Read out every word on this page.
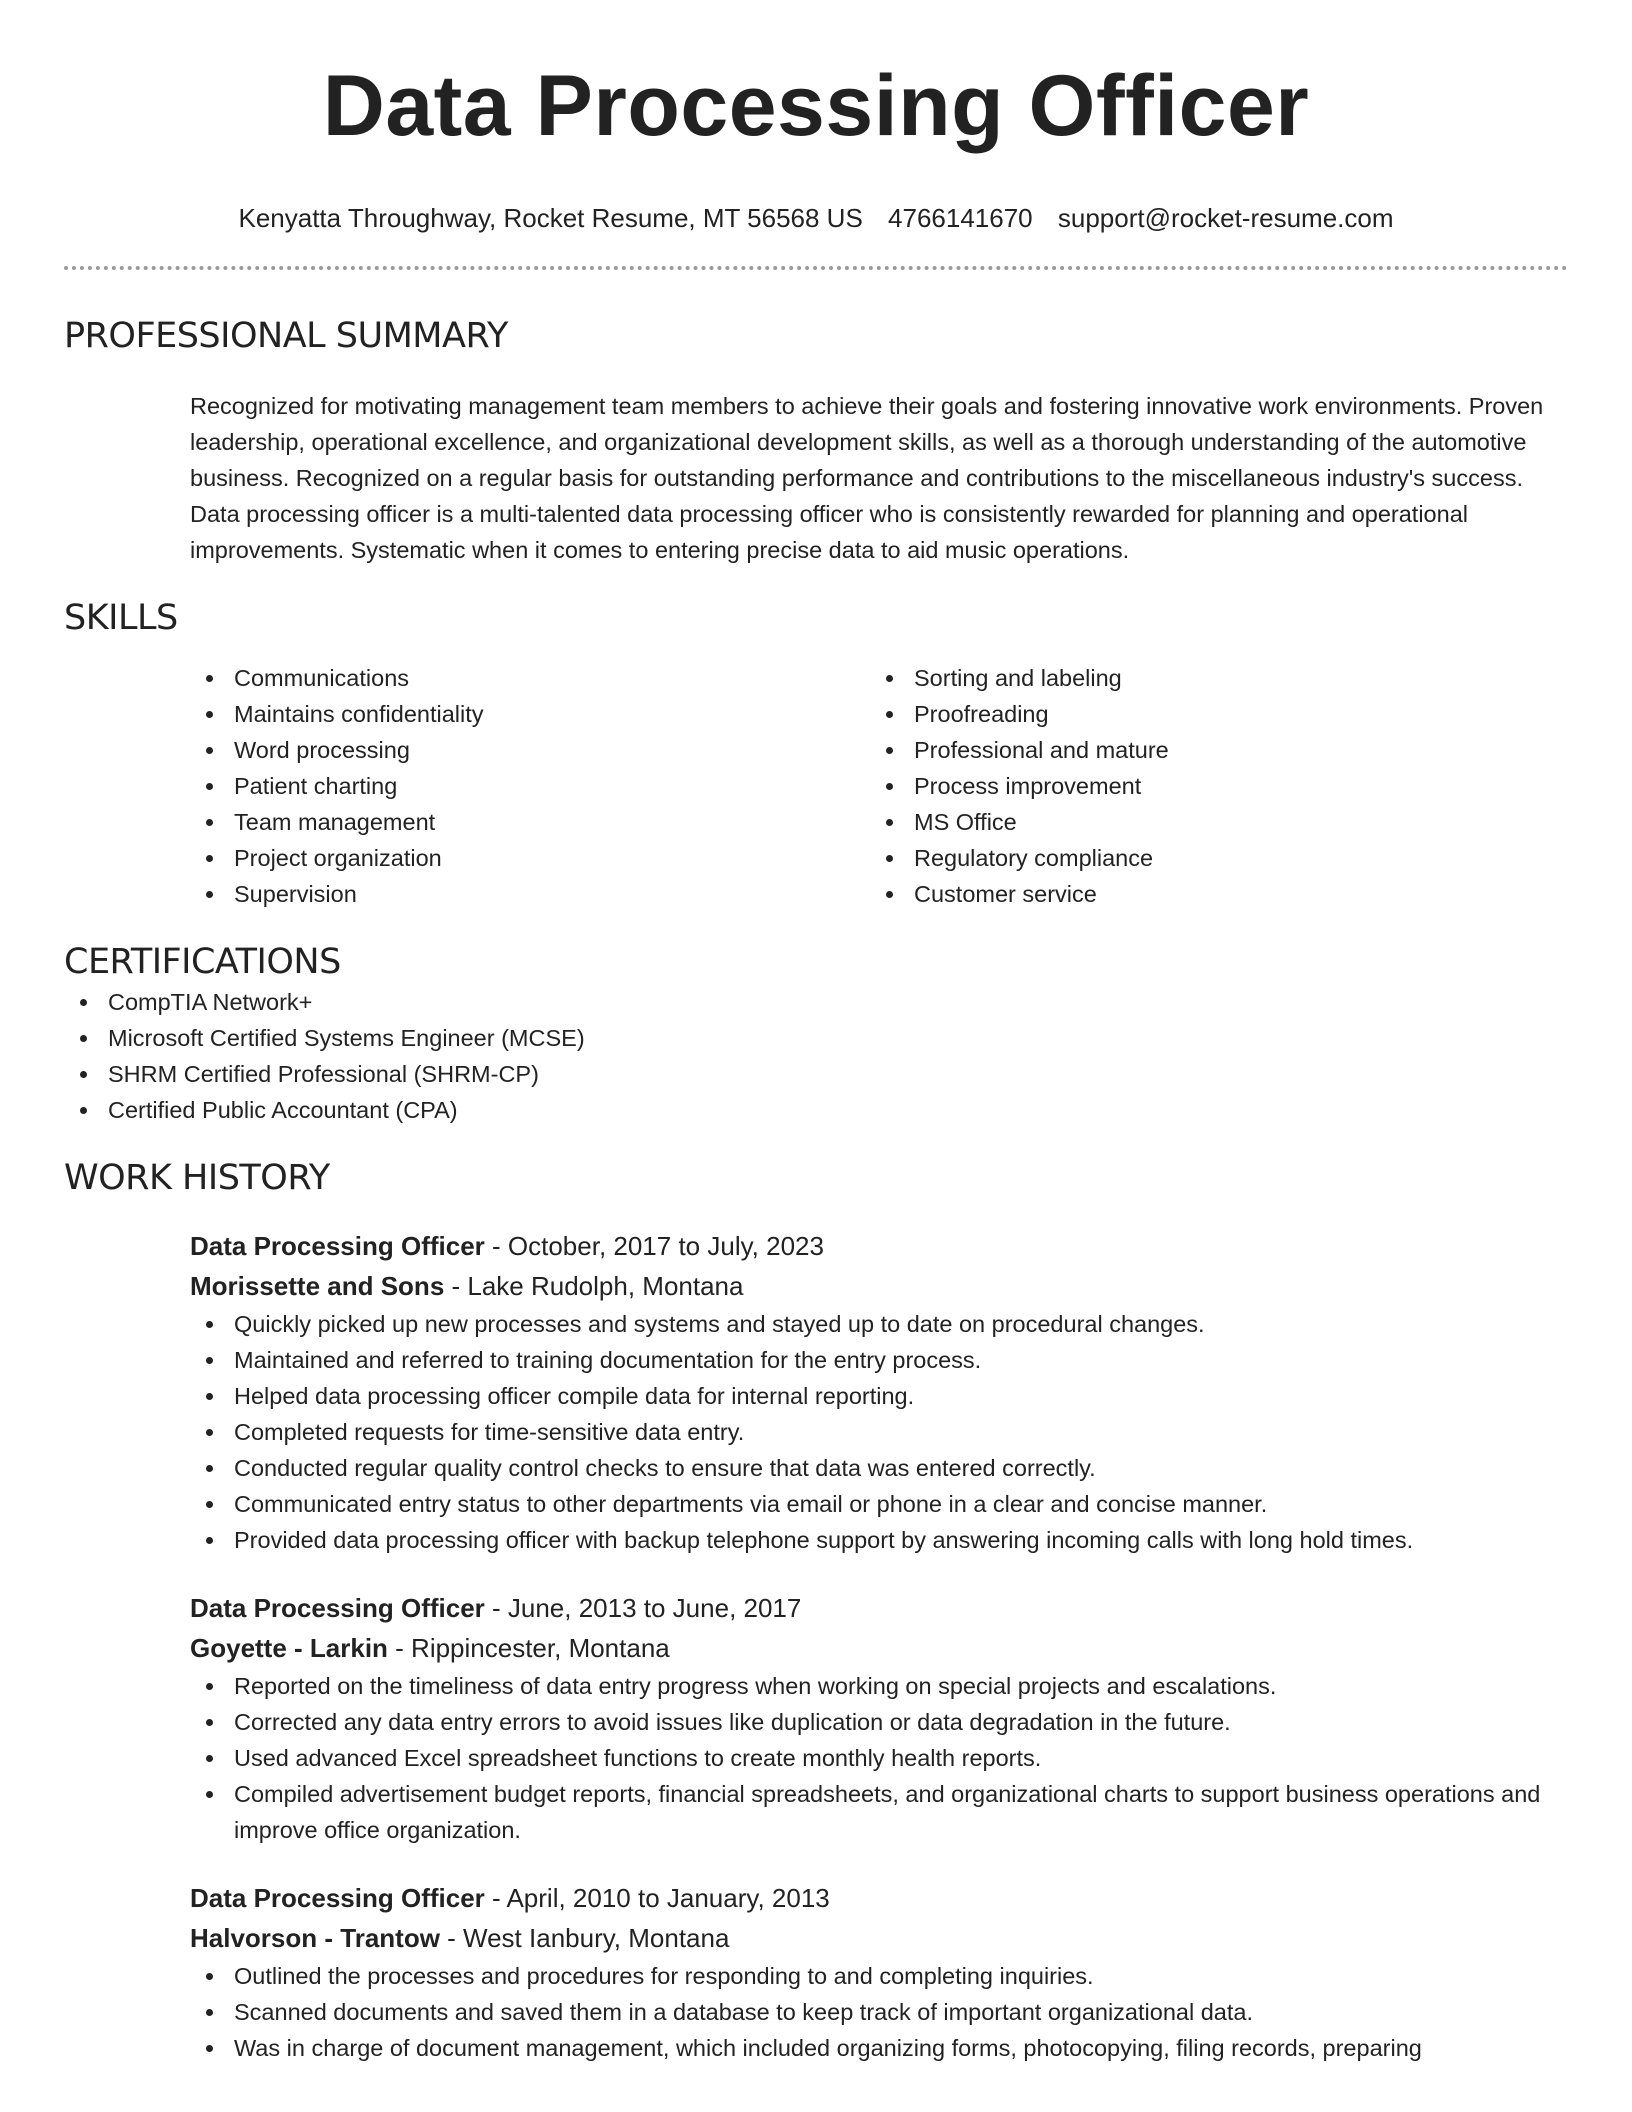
Data Processing Officer
Kenyatta Throughway, Rocket Resume, MT 56568 US 4766141670 support@rocket-resume.com
PROFESSIONAL SUMMARY

Recognized for motivating management team members to achieve their goals and fostering innovative work environments. Proven leadership, operational excellence, and organizational development skills, as well as a thorough understanding of the automotive business. Recognized on a regular basis for outstanding performance and contributions to the miscellaneous industry's success. Data processing officer is a multi-talented data processing officer who is consistently rewarded for planning and operational improvements. Systematic when it comes to entering precise data to aid music operations.

SKILLS
Communications
Maintains confidentiality
Word processing
Patient charting
Team management
Project organization
Supervision
Sorting and labeling
Proofreading
Professional and mature
Process improvement
MS Office
Regulatory compliance
Customer service
CERTIFICATIONS
CompTIA Network+
Microsoft Certified Systems Engineer (MCSE)
SHRM Certified Professional (SHRM-CP)
Certified Public Accountant (CPA)
WORK HISTORY
Data Processing Officer - October, 2017 to July, 2023
Morissette and Sons - Lake Rudolph, Montana
Quickly picked up new processes and systems and stayed up to date on procedural changes.
Maintained and referred to training documentation for the entry process.
Helped data processing officer compile data for internal reporting.
Completed requests for time-sensitive data entry.
Conducted regular quality control checks to ensure that data was entered correctly.
Communicated entry status to other departments via email or phone in a clear and concise manner.
Provided data processing officer with backup telephone support by answering incoming calls with long hold times.
Data Processing Officer - June, 2013 to June, 2017
Goyette - Larkin - Rippincester, Montana
Reported on the timeliness of data entry progress when working on special projects and escalations.
Corrected any data entry errors to avoid issues like duplication or data degradation in the future.
Used advanced Excel spreadsheet functions to create monthly health reports.
Compiled advertisement budget reports, financial spreadsheets, and organizational charts to support business operations and improve office organization.
Data Processing Officer - April, 2010 to January, 2013
Halvorson - Trantow - West Ianbury, Montana
Outlined the processes and procedures for responding to and completing inquiries.
Scanned documents and saved them in a database to keep track of important organizational data.
Was in charge of document management, which included organizing forms, photocopying, filing records, preparing
